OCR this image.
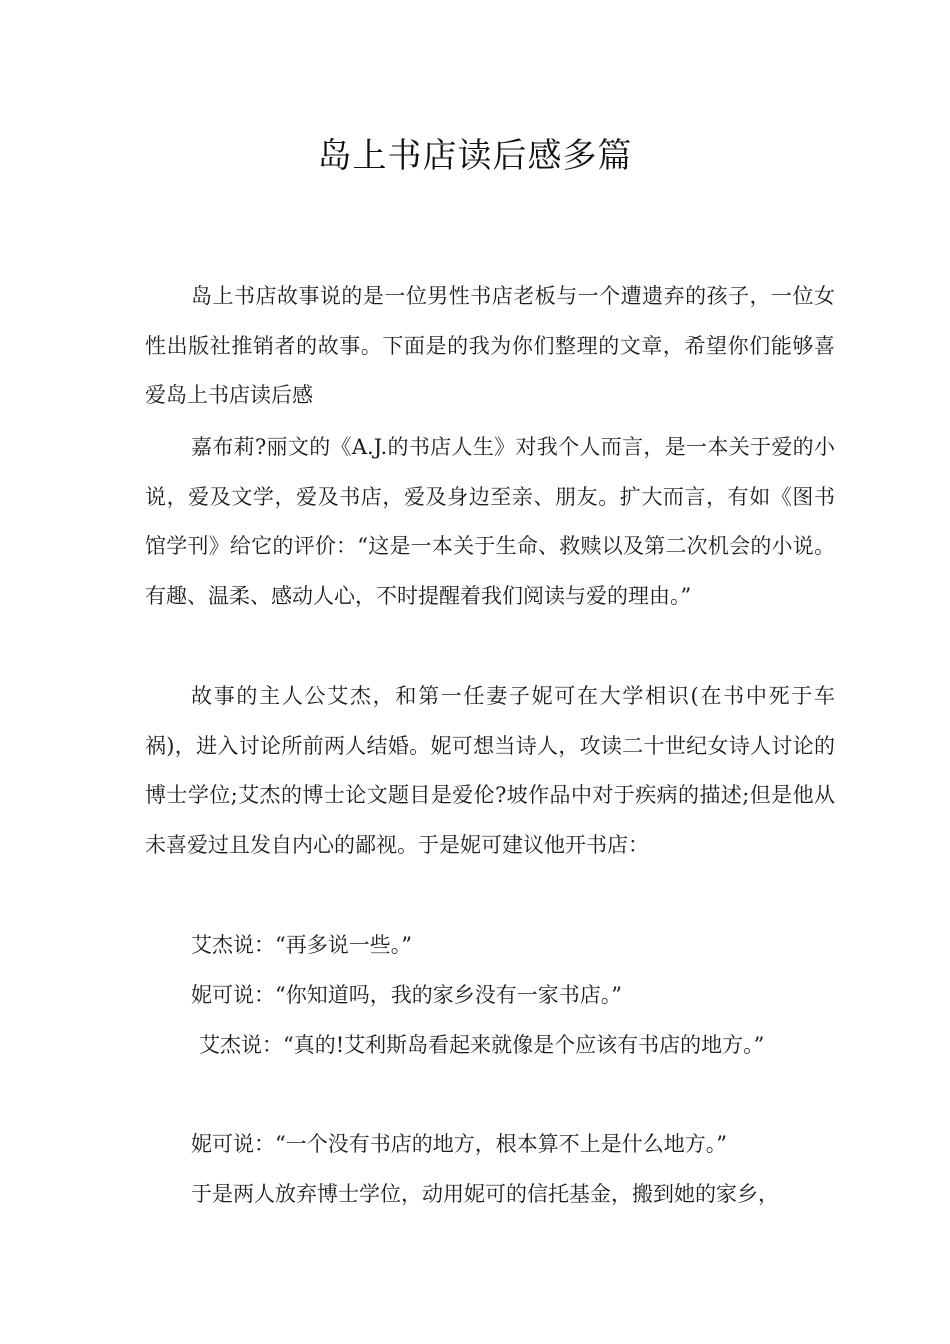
岛上书店读后感多篇

岛上书店故事说的是一位男性书店老板与一个遭遗弃的孩子，一位女性出版社推销者的故事。下面是的我为你们整理的文章，希望你们能够喜爱岛上书店读后感

嘉布莉?丽文的《A.J.的书店人生》对我个人而言，是一本关于爱的小说，爱及文学，爱及书店，爱及身边至亲、朋友。扩大而言，有如《图书馆学刊》给它的评价：“这是一本关于生命、救赎以及第二次机会的小说。有趣、温柔、感动人心，不时提醒着我们阅读与爱的理由。”

故事的主人公艾杰，和第一任妻子妮可在大学相识(在书中死于车祸)，进入讨论所前两人结婚。妮可想当诗人，攻读二十世纪女诗人讨论的博士学位;艾杰的博士论文题目是爱伦?坡作品中对于疾病的描述;但是他从未喜爱过且发自内心的鄙视。于是妮可建议他开书店：

艾杰说：“再多说一些。”

妮可说：“你知道吗，我的家乡没有一家书店。”

艾杰说：“真的!艾利斯岛看起来就像是个应该有书店的地方。”

妮可说：“一个没有书店的地方，根本算不上是什么地方。”

于是两人放弃博士学位，动用妮可的信托基金，搬到她的家乡，
